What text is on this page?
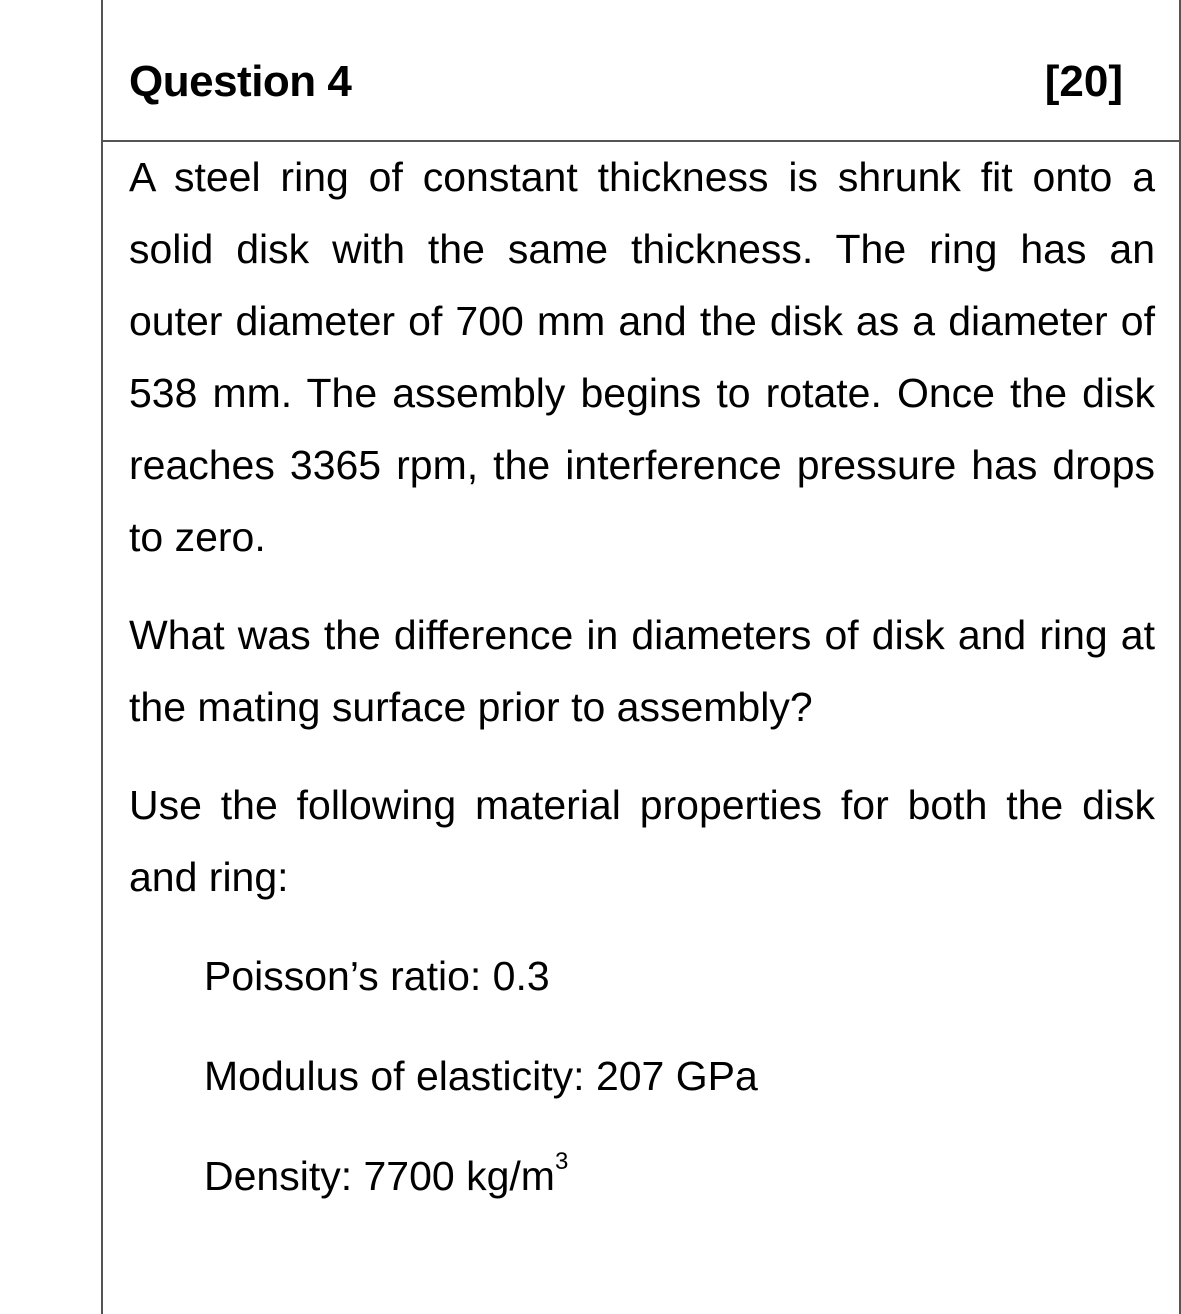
Question 4	[20]
A steel ring of constant thickness is shrunk fit onto a solid disk with the same thickness. The ring has an outer diameter of 700 mm and the disk as a diameter of 538 mm. The assembly begins to rotate. Once the disk reaches 3365 rpm, the interference pressure has drops to zero.
What was the difference in diameters of disk and ring at the mating surface prior to assembly?
Use the following material properties for both the disk and ring:
Poisson’s ratio: 0.3
Modulus of elasticity: 207 GPa
Density: 7700 $kg/m^3$
